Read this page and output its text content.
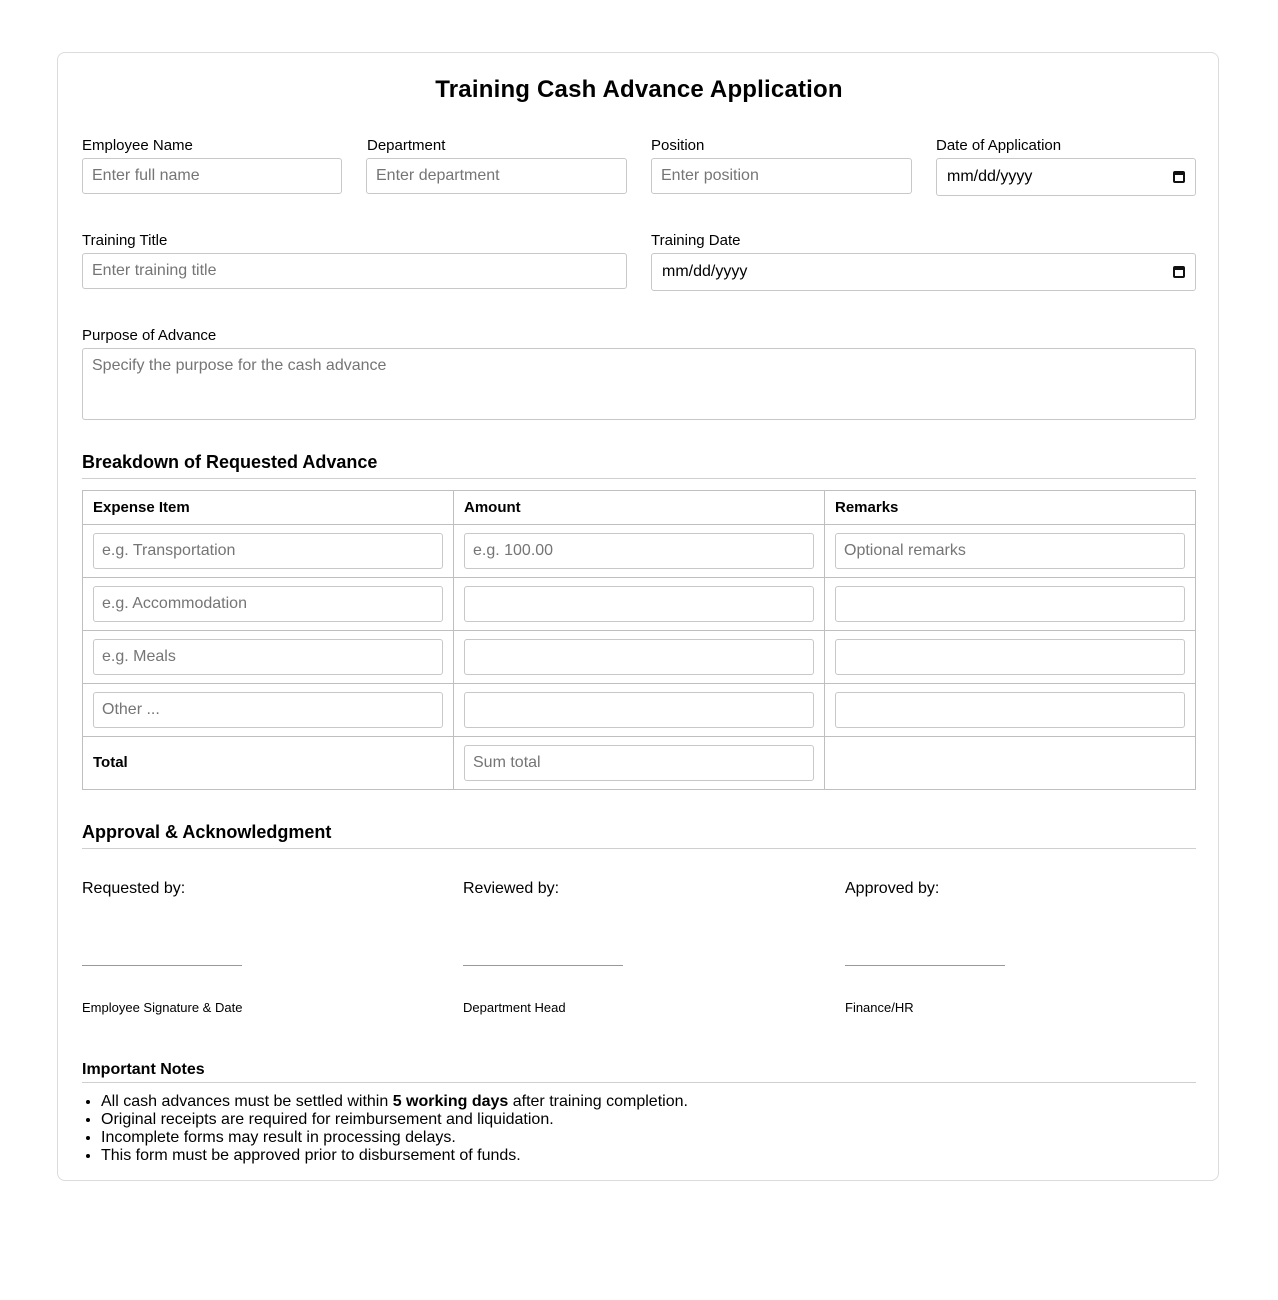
Training Cash Advance Application
Employee Name
Enter full name	Department
Enter department	Position
Enter position	Date of Application
mm/dd/yyyy
Training Title
Enter training title	Training Date
mm/dd/yyyy
Purpose of Advance
Specify the purpose for the cash advance
Breakdown of Requested Advance
Expense Item	Amount	Remarks
e.g. Transportation	e.g. 100.00	Optional remarks
e.g. Accommodation		
e.g. Meals		
Other ...		
Total	Sum total	
Approval & Acknowledgment
Requested by:
Employee Signature & Date
Reviewed by:
Department Head
Approved by:
Finance/HR
Important Notes
• All cash advances must be settled within 5 working days after training completion.
• Original receipts are required for reimbursement and liquidation.
• Incomplete forms may result in processing delays.
• This form must be approved prior to disbursement of funds.
